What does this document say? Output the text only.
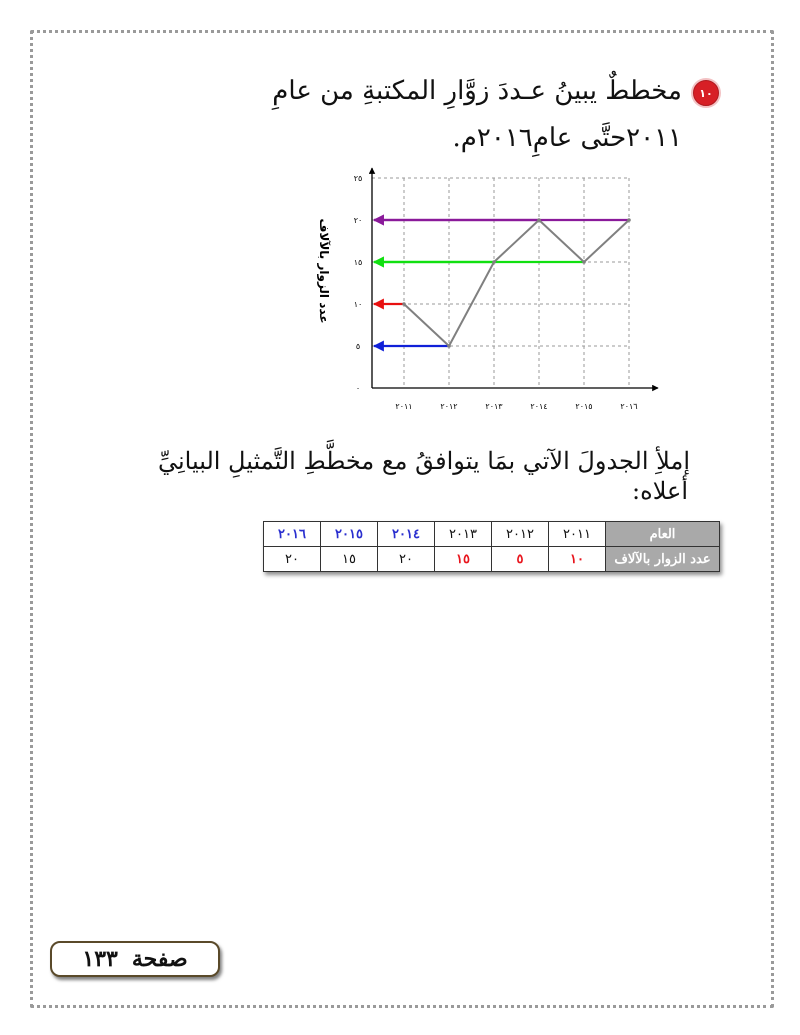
١٠
مخططٌ يبينُ عـددَ زوَّارِ المكتبةِ من عامِ
٢٠١١حتَّى عامِ٢٠١٦م.
٠
٥
١٠
١٥
٢٠
٢٥
٢٠١١	٢٠١٢	٢٠١٣	٢٠١٤	٢٠١٥	٢٠١٦
عدد الزوار بالآلاف
إملأِ الجدولَ الآتي بمَا يتوافقُ مع مخطَّطِ التَّمثيلِ البيانِيِّ
أعلاه:
العام	٢٠١١	٢٠١٢	٢٠١٣	٢٠١٤	٢٠١٥	٢٠١٦
عدد الزوار بالآلاف	١٠	٥	١٥	٢٠	١٥	٢٠
صفحة
١٣٣
